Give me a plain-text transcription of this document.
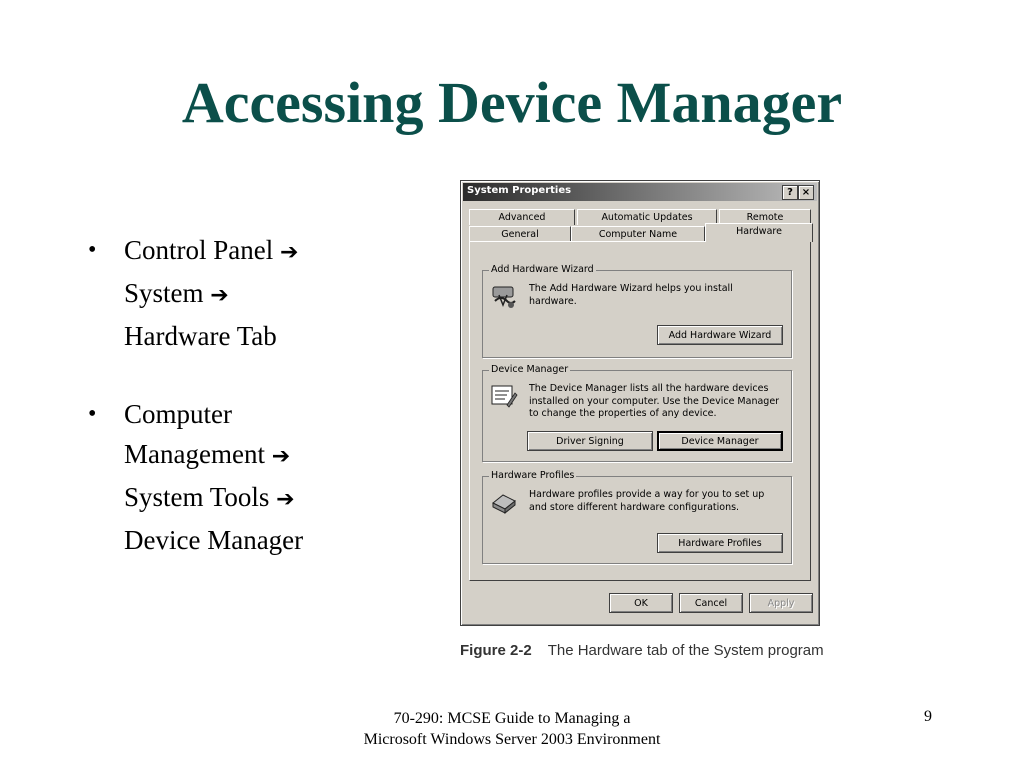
Accessing Device Manager
• Control Panel ➔
System ➔
Hardware Tab
• Computer
Management ➔
System Tools ➔
Device Manager
System Properties	? ×
Advanced	Automatic Updates	Remote
General	Computer Name	Hardware
Add Hardware Wizard
The Add Hardware Wizard helps you install hardware.
Add Hardware Wizard
Device Manager
The Device Manager lists all the hardware devices installed on your computer. Use the Device Manager to change the properties of any device.
Driver Signing	Device Manager
Hardware Profiles
Hardware profiles provide a way for you to set up and store different hardware configurations.
Hardware Profiles
OK	Cancel	Apply
Figure 2-2 The Hardware tab of the System program
70-290: MCSE Guide to Managing a
Microsoft Windows Server 2003 Environment
9
